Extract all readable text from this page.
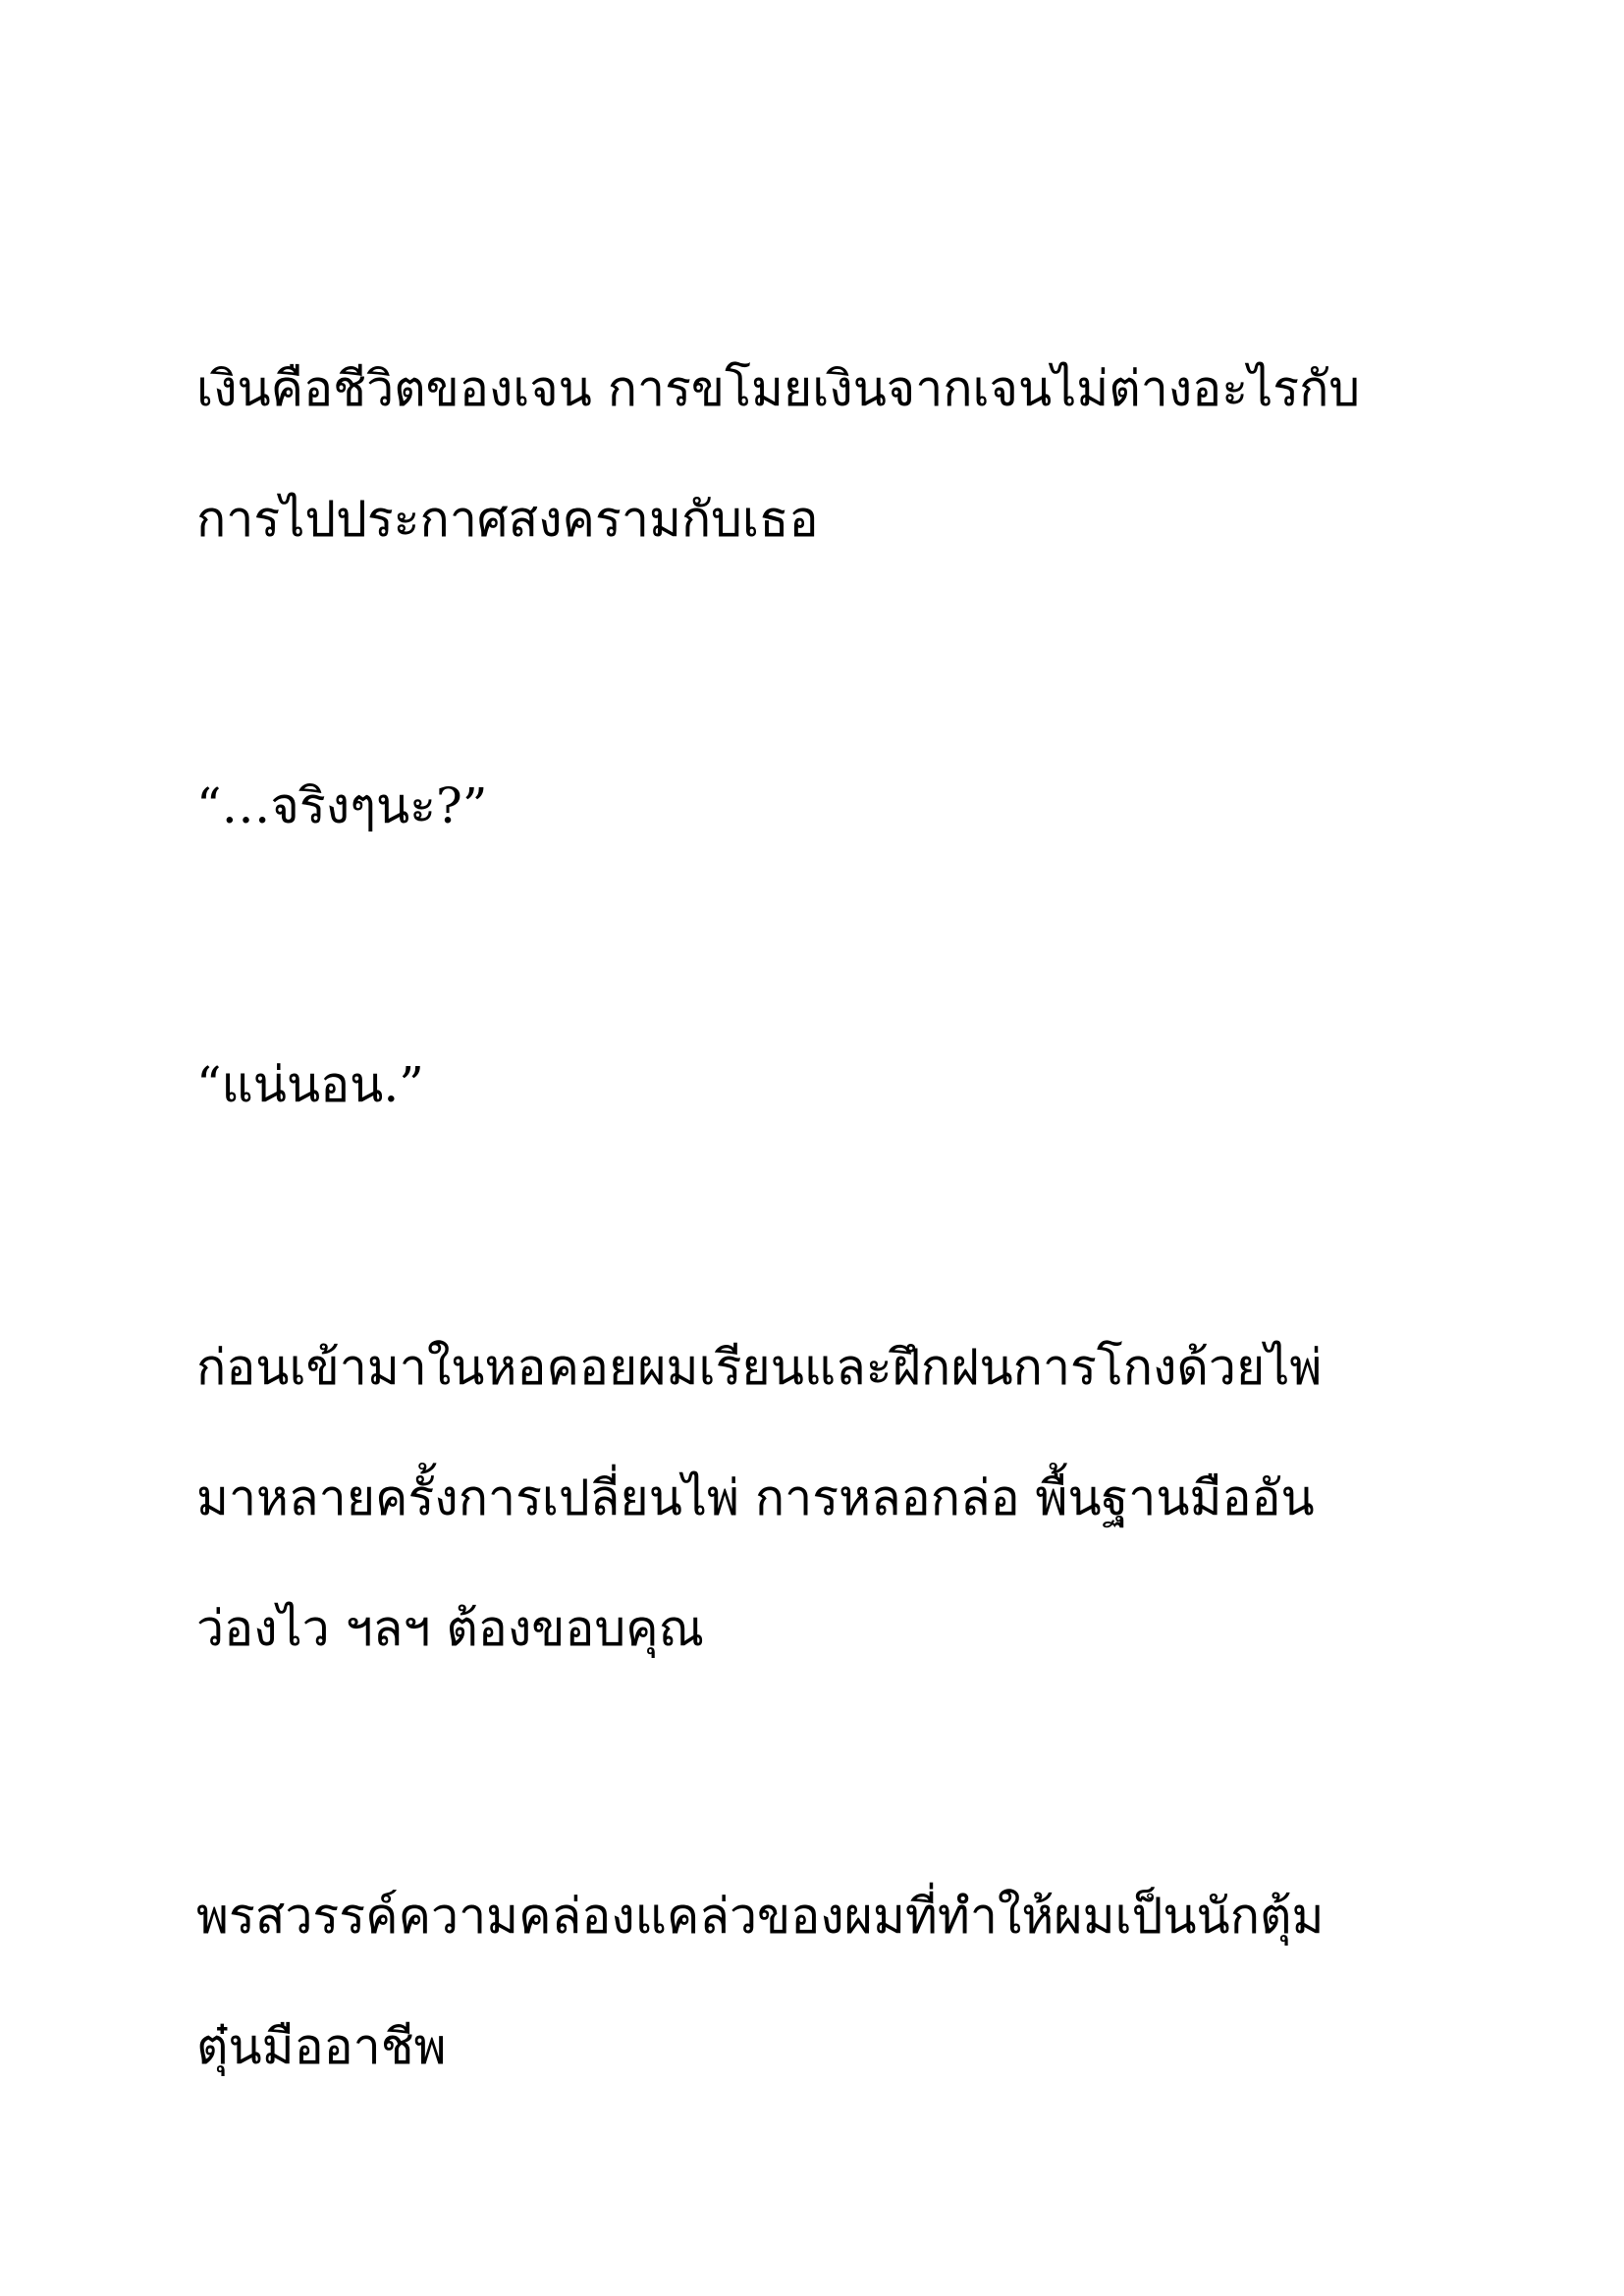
เงินคือชีวิตของเจน การขโมยเงินจากเจนไม่ต่างอะไรกับ

การไปประกาศสงครามกับเธอ

“…จริงๆนะ?”

“แน่นอน.”

ก่อนเข้ามาในหอคอยผมเรียนและฝึกฝนการโกงด้วยไพ่

มาหลายครั้งการเปลี่ยนไพ่ การหลอกล่อ พื้นฐานมืออัน

ว่องไว ฯลฯ ต้องขอบคุณ

พรสวรรค์ความคล่องแคล่วของผมที่ทำให้ผมเป็นนักตุ้ม

ตุ๋นมืออาชีพ
